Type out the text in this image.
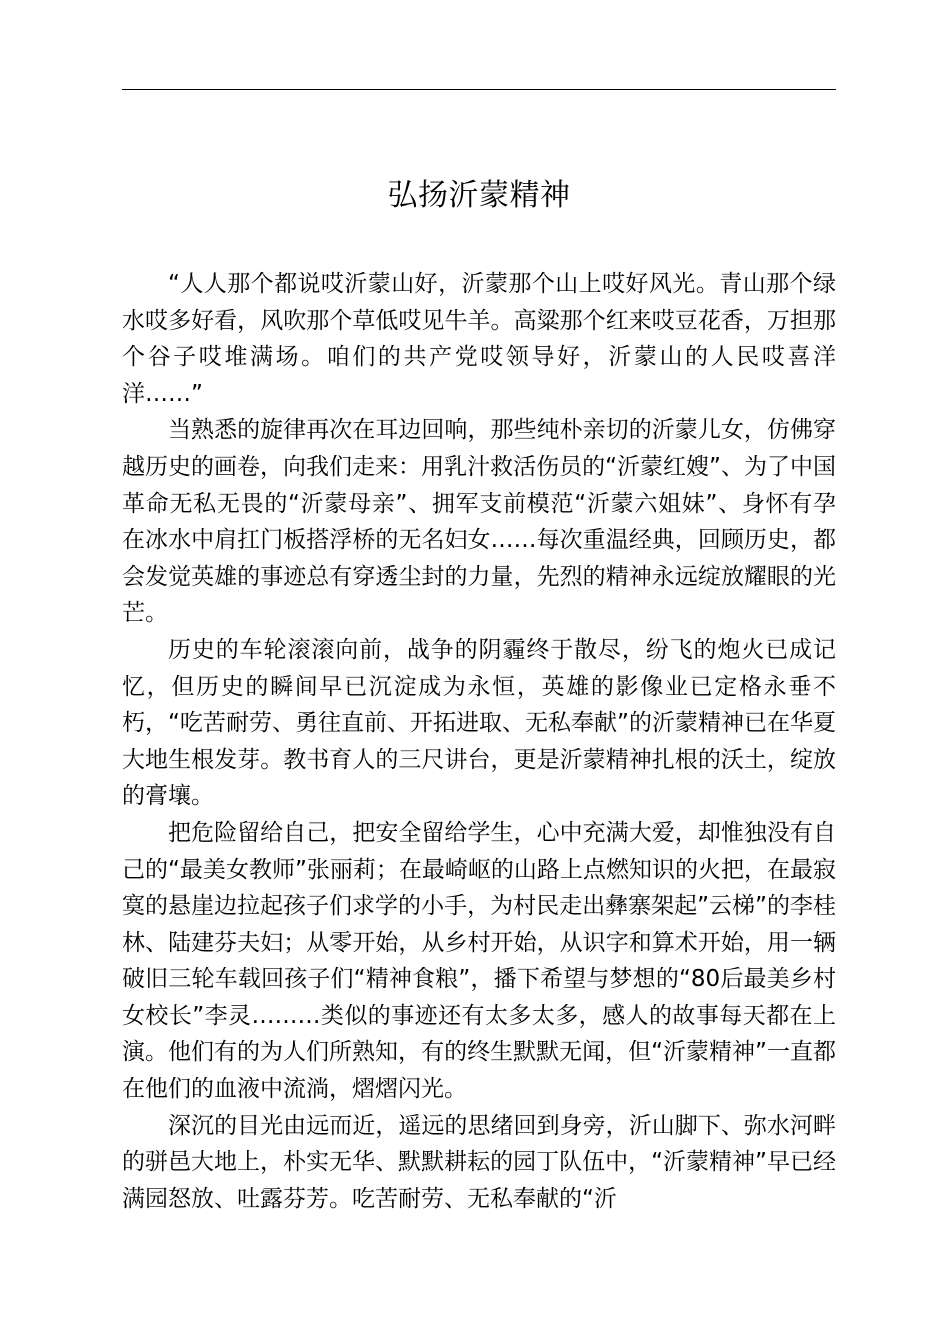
弘扬沂蒙精神

“人人那个都说哎沂蒙山好，沂蒙那个山上哎好风光。青山那个绿水哎多好看，风吹那个草低哎见牛羊。高粱那个红来哎豆花香，万担那个谷子哎堆满场。咱们的共产党哎领导好，沂蒙山的人民哎喜洋洋……”

当熟悉的旋律再次在耳边回响，那些纯朴亲切的沂蒙儿女，仿佛穿越历史的画卷，向我们走来：用乳汁救活伤员的“沂蒙红嫂”、为了中国革命无私无畏的“沂蒙母亲”、拥军支前模范“沂蒙六姐妹”、身怀有孕在冰水中肩扛门板搭浮桥的无名妇女……每次重温经典，回顾历史，都会发觉英雄的事迹总有穿透尘封的力量，先烈的精神永远绽放耀眼的光芒。

历史的车轮滚滚向前，战争的阴霾终于散尽，纷飞的炮火已成记忆，但历史的瞬间早已沉淀成为永恒，英雄的影像业已定格永垂不朽，“吃苦耐劳、勇往直前、开拓进取、无私奉献”的沂蒙精神已在华夏大地生根发芽。教书育人的三尺讲台，更是沂蒙精神扎根的沃土，绽放的膏壤。

把危险留给自己，把安全留给学生，心中充满大爱，却惟独没有自己的“最美女教师”张丽莉；在最崎岖的山路上点燃知识的火把，在最寂寞的悬崖边拉起孩子们求学的小手，为村民走出彝寨架起”云梯”的李桂林、陆建芬夫妇；从零开始，从乡村开始，从识字和算术开始，用一辆破旧三轮车载回孩子们“精神食粮”，播下希望与梦想的“80后最美乡村女校长”李灵………类似的事迹还有太多太多，感人的故事每天都在上演。他们有的为人们所熟知，有的终生默默无闻，但“沂蒙精神”一直都在他们的血液中流淌，熠熠闪光。

深沉的目光由远而近，遥远的思绪回到身旁，沂山脚下、弥水河畔的骈邑大地上，朴实无华、默默耕耘的园丁队伍中，“沂蒙精神”早已经满园怒放、吐露芬芳。吃苦耐劳、无私奉献的“沂
